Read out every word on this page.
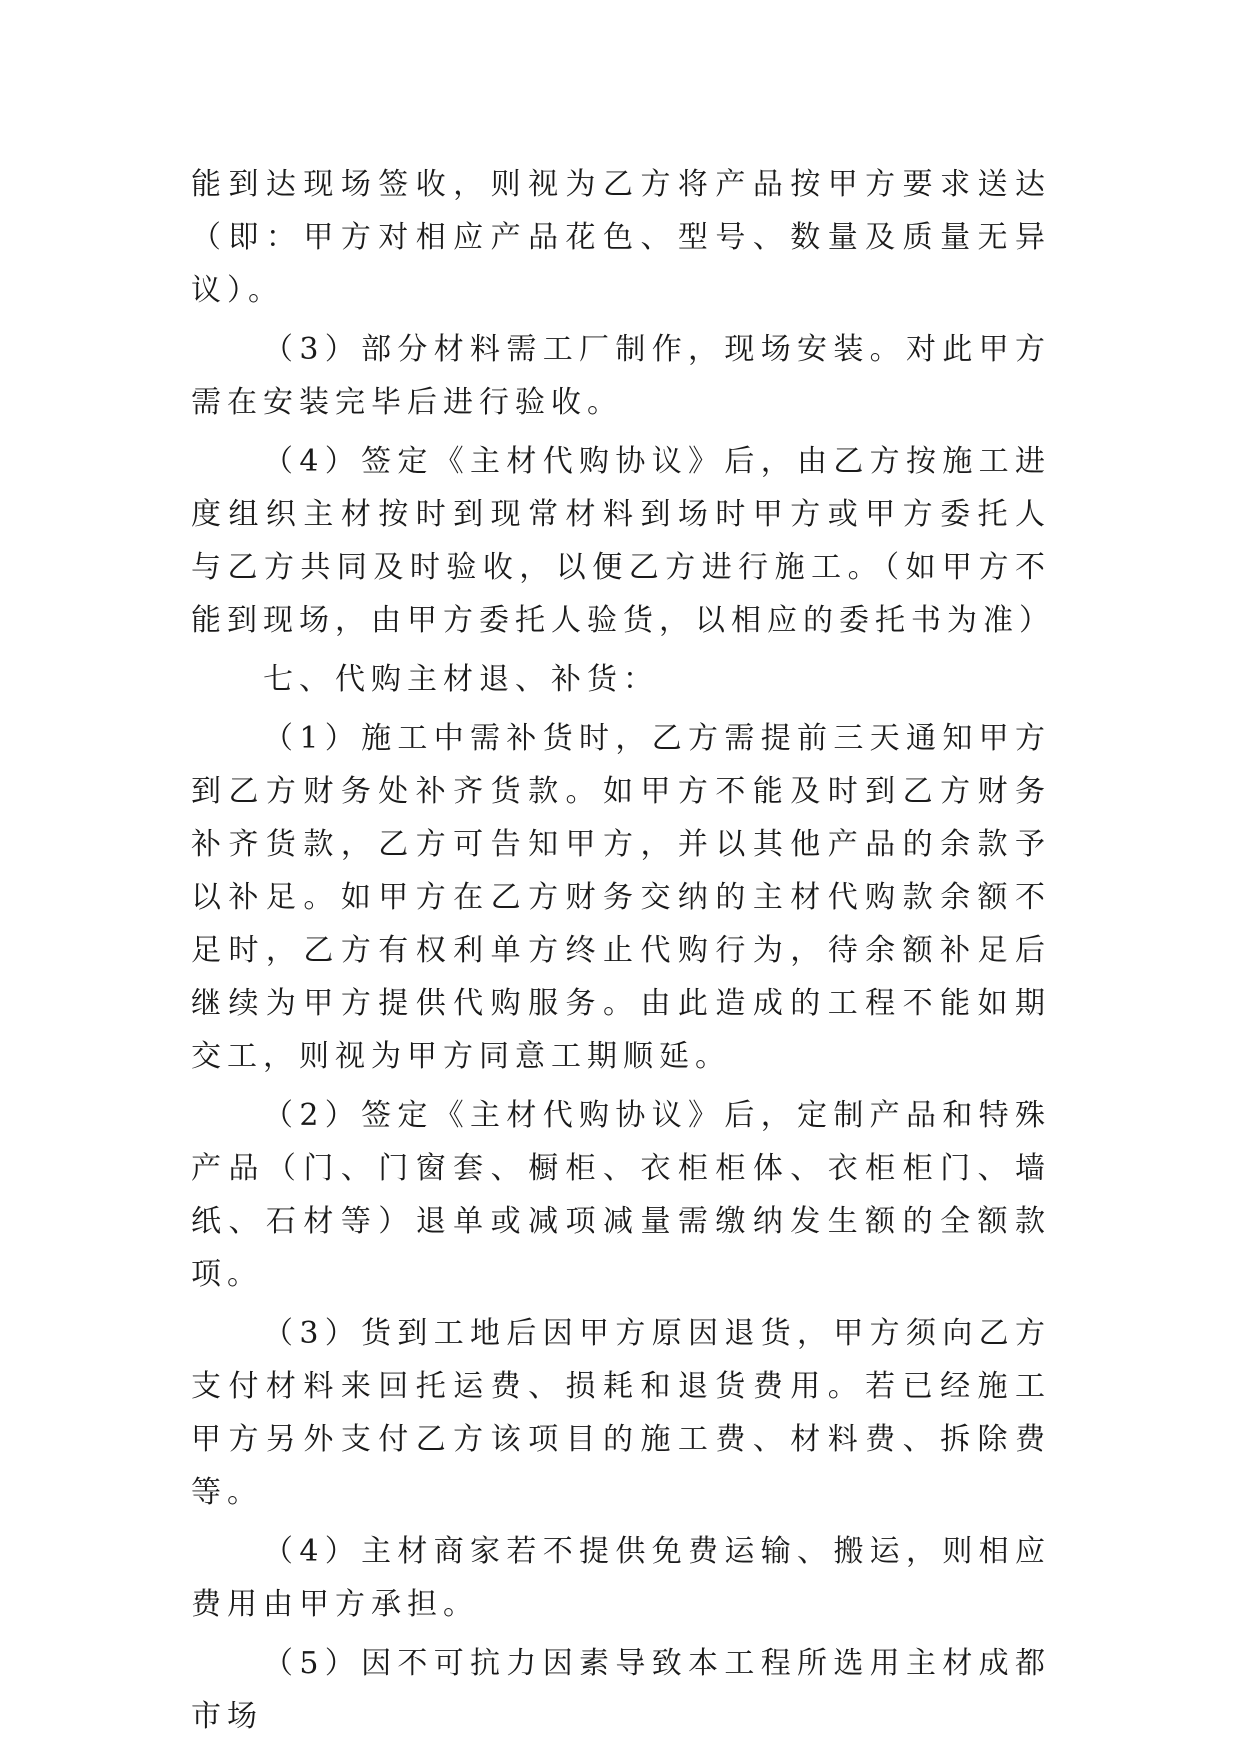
能到达现场签收，则视为乙方将产品按甲方要求送达（即：甲方对相应产品花色、型号、数量及质量无异议）。

（3）部分材料需工厂制作，现场安装。对此甲方需在安装完毕后进行验收。

（4）签定《主材代购协议》后，由乙方按施工进度组织主材按时到现常材料到场时甲方或甲方委托人与乙方共同及时验收，以便乙方进行施工。（如甲方不能到现场，由甲方委托人验货，以相应的委托书为准）

七、代购主材退、补货：

（1）施工中需补货时，乙方需提前三天通知甲方到乙方财务处补齐货款。如甲方不能及时到乙方财务补齐货款，乙方可告知甲方，并以其他产品的余款予以补足。如甲方在乙方财务交纳的主材代购款余额不足时，乙方有权利单方终止代购行为，待余额补足后继续为甲方提供代购服务。由此造成的工程不能如期交工，则视为甲方同意工期顺延。

（2）签定《主材代购协议》后，定制产品和特殊产品（门、门窗套、橱柜、衣柜柜体、衣柜柜门、墙纸、石材等）退单或减项减量需缴纳发生额的全额款项。

（3）货到工地后因甲方原因退货，甲方须向乙方支付材料来回托运费、损耗和退货费用。若已经施工甲方另外支付乙方该项目的施工费、材料费、拆除费等。

（4）主材商家若不提供免费运输、搬运，则相应费用由甲方承担。

（5）因不可抗力因素导致本工程所选用主材成都市场
